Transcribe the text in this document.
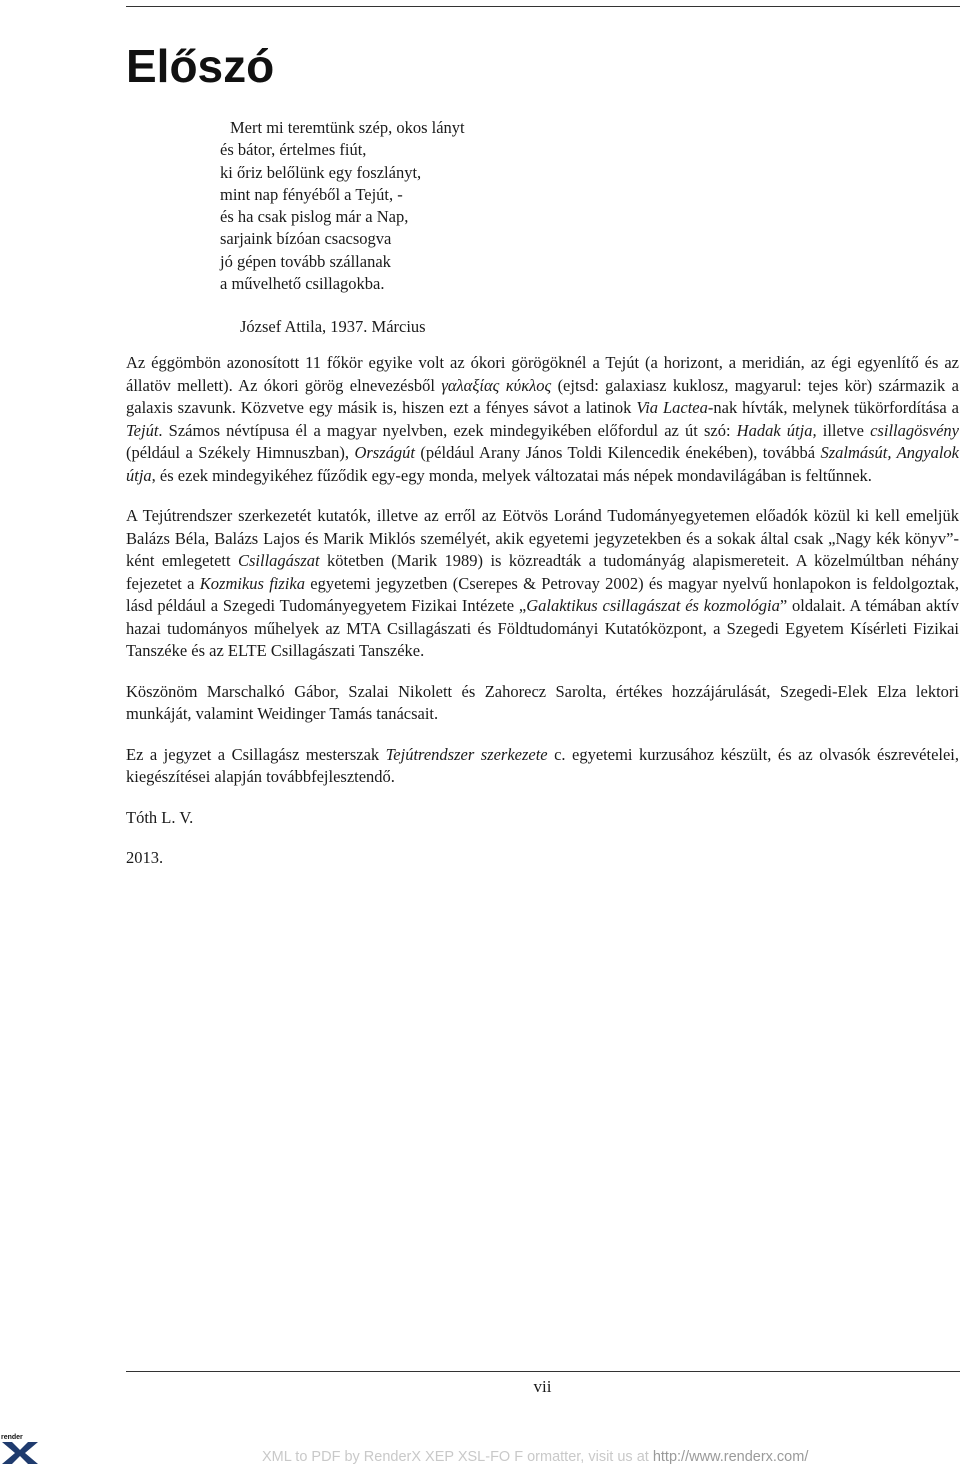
Előszó
Mert mi teremtünk szép, okos lányt
és bátor, értelmes fiút,
ki őriz belőlünk egy foszlányt,
mint nap fényéből a Tejút, -
és ha csak pislog már a Nap,
sarjaink bízóan csacsogva
jó gépen tovább szállanak
a művelhető csillagokba.
József Attila, 1937. Március

Az éggömbön azonosított 11 főkör egyike volt az ókori görögöknél a Tejút (a horizont, a meridián, az égi egyenlítő és az állatöv mellett). Az ókori görög elnevezésből γαλαξίας κύκλος (ejtsd: galaxiasz kuklosz, magyarul: tejes kör) származik a galaxis szavunk. Közvetve egy másik is, hiszen ezt a fényes sávot a latinok Via Lactea-nak hívták, melynek tükörfordítása a Tejút. Számos névtípusa él a magyar nyelvben, ezek mindegyikében előfordul az út szó: Hadak útja, illetve csillagösvény (például a Székely Himnuszban), Országút (például Arany János Toldi Kilencedik énekében), továbbá Szalmásút, Angyalok útja, és ezek mindegyikéhez fűződik egy-egy monda, melyek változatai más népek mondavilágában is feltűnnek.

A Tejútrendszer szerkezetét kutatók, illetve az erről az Eötvös Loránd Tudományegyetemen előadók közül ki kell emeljük Balázs Béla, Balázs Lajos és Marik Miklós személyét, akik egyetemi jegyzetekben és a sokak által csak „Nagy kék könyv”-ként emlegetett Csillagászat kötetben (Marik 1989) is közreadták a tudományág alapismereteit. A közelmúltban néhány fejezetet a Kozmikus fizika egyetemi jegyzetben (Cserepes & Petrovay 2002) és magyar nyelvű honlapokon is feldolgoztak, lásd például a Szegedi Tudományegyetem Fizikai Intézete „Galaktikus csillagászat és kozmológia” oldalait. A témában aktív hazai tudományos műhelyek az MTA Csillagászati és Földtudományi Kutatóközpont, a Szegedi Egyetem Kísérleti Fizikai Tanszéke és az ELTE Csillagászati Tanszéke.

Köszönöm Marschalkó Gábor, Szalai Nikolett és Zahorecz Sarolta, értékes hozzájárulását, Szegedi-Elek Elza lektori munkáját, valamint Weidinger Tamás tanácsait.

Ez a jegyzet a Csillagász mesterszak Tejútrendszer szerkezete c. egyetemi kurzusához készült, és az olvasók észrevételei, kiegészítései alapján továbbfejlesztendő.

Tóth L. V.

2013.

vii
render
XML to PDF by RenderX XEP XSL-FO F ormatter, visit us at http://www.renderx.com/
